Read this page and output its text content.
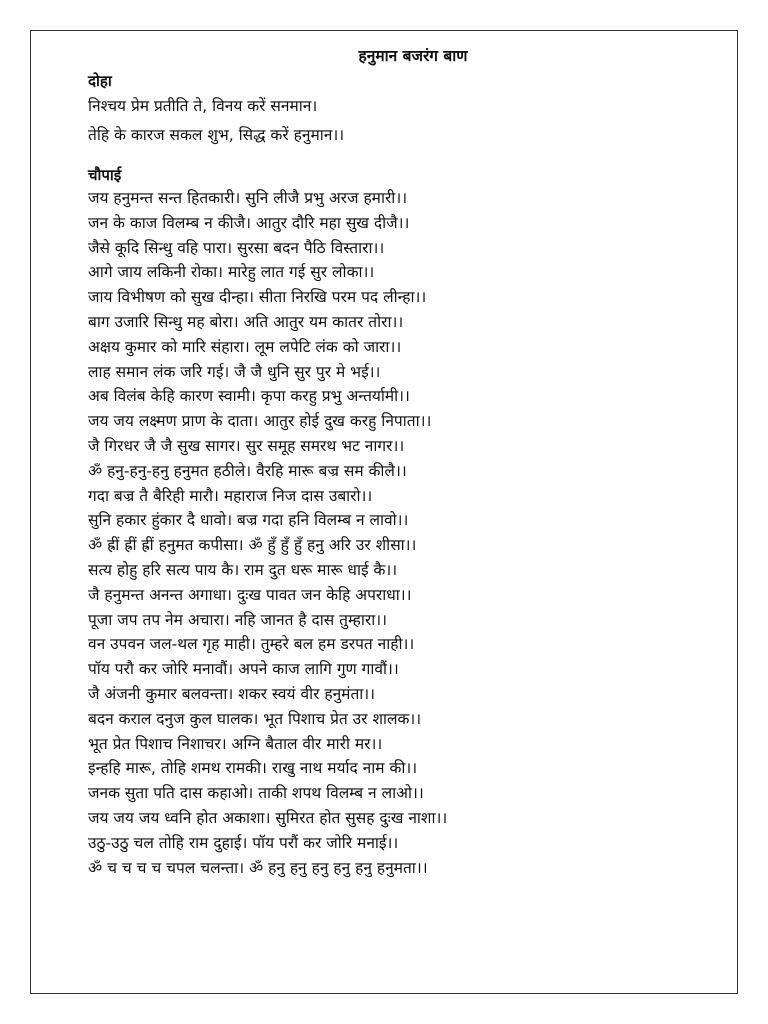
हनुमान बजरंग बाण
दोहा

निश्चय प्रेम प्रतीति ते, विनय करें सनमान।

तेहि के कारज सकल शुभ, सिद्ध करें हनुमान।।

चौपाई

जय हनुमन्त सन्त हितकारी। सुनि लीजै प्रभु अरज हमारी।।

जन के काज विलम्ब न कीजै। आतुर दौरि महा सुख दीजै।।

जैसे कूदि सिन्धु वहि पारा। सुरसा बदन पैठि विस्तारा।।

आगे जाय लकिनी रोका। मारेहु लात गई सुर लोका।।

जाय विभीषण को सुख दीन्हा। सीता निरखि परम पद लीन्हा।।

बाग उजारि सिन्धु मह बोरा। अति आतुर यम कातर तोरा।।

अक्षय कुमार को मारि संहारा। लूम लपेटि लंक को जारा।।

लाह समान लंक जरि गई। जै जै धुनि सुर पुर मे भई।।

अब विलंब केहि कारण स्वामी। कृपा करहु प्रभु अन्तर्यामी।।

जय जय लक्ष्मण प्राण के दाता। आतुर होई दुख करहु निपाता।।

जै गिरधर जै जै सुख सागर। सुर समूह समरथ भट नागर।।

ॐ हनु-हनु-हनु हनुमत हठीले। वैरहि मारू बज्र सम कीलै।।

गदा बज्र तै बैरिही मारौ। महाराज निज दास उबारो।।

सुनि हकार हुंकार दै धावो। बज्र गदा हनि विलम्ब न लावो।।

ॐ ह्रीं ह्रीं ह्रीं हनुमत कपीसा। ॐ हुँ हुँ हुँ हनु अरि उर शीसा।।

सत्य होहु हरि सत्य पाय कै। राम दुत धरू मारू धाई कै।।

जै हनुमन्त अनन्त अगाधा। दुःख पावत जन केहि अपराधा।।

पूजा जप तप नेम अचारा। नहि जानत है दास तुम्हारा।।

वन उपवन जल-थल गृह माही। तुम्हरे बल हम डरपत नाही।।

पॉय परौ कर जोरि मनावौं। अपने काज लागि गुण गावौं।।

जै अंजनी कुमार बलवन्ता। शकर स्वयं वीर हनुमंता।।

बदन कराल दनुज कुल घालक। भूत पिशाच प्रेत उर शालक।।

भूत प्रेत पिशाच निशाचर। अग्नि बैताल वीर मारी मर।।

इन्हहि मारू, तोहि शमथ रामकी। राखु नाथ मर्याद नाम की।।

जनक सुता पति दास कहाओ। ताकी शपथ विलम्ब न लाओ।।

जय जय जय ध्वनि होत अकाशा। सुमिरत होत सुसह दुःख नाशा।।

उठु-उठु चल तोहि राम दुहाई। पॉय परौं कर जोरि मनाई।।

ॐ च च च च चपल चलन्ता। ॐ हनु हनु हनु हनु हनु हनुमता।।
